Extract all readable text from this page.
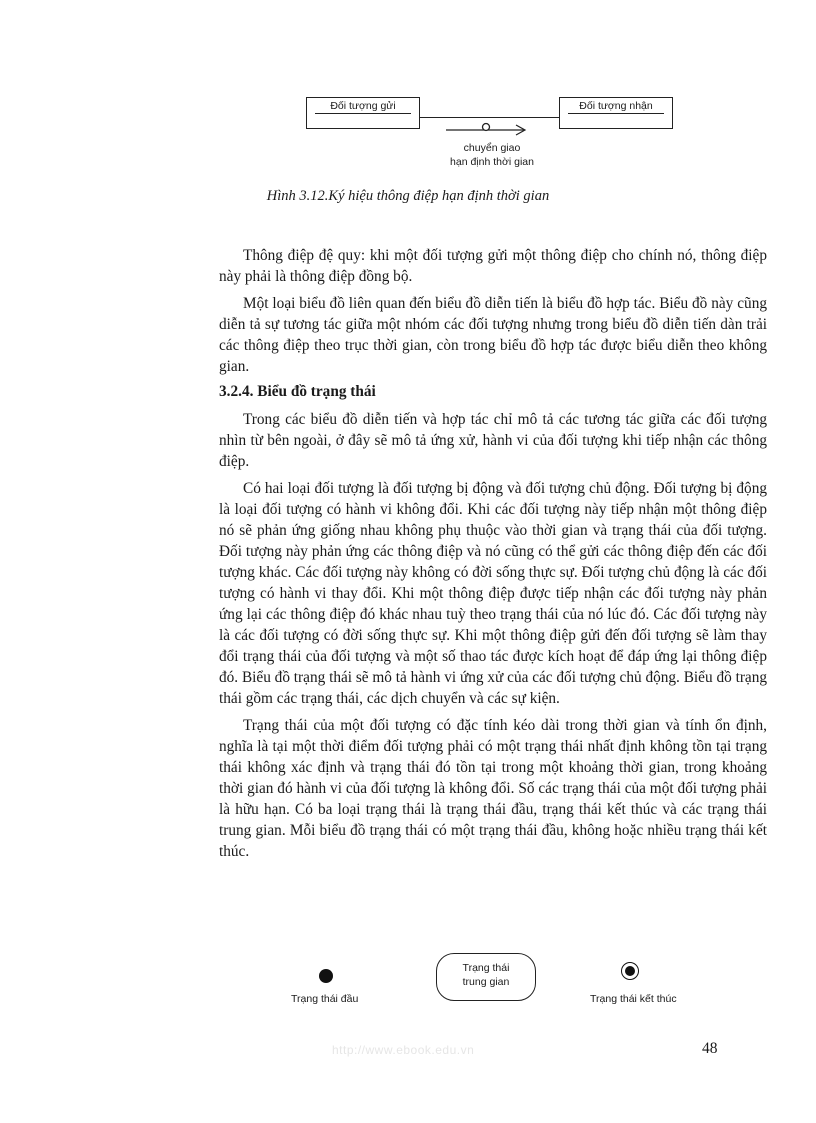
Đối tượng gửi	Đối tượng nhận
chuyển giao
hạn định thời gian
Hình 3.12.Ký hiệu thông điệp hạn định thời gian

Thông điệp đệ quy: khi một đối tượng gửi một thông điệp cho chính nó, thông điệp này phải là thông điệp đồng bộ.

Một loại biểu đồ liên quan đến biểu đồ diễn tiến là biểu đồ hợp tác. Biểu đồ này cũng diễn tả sự tương tác giữa một nhóm các đối tượng nhưng trong biểu đồ diễn tiến dàn trải các thông điệp theo trục thời gian, còn trong biểu đồ hợp tác được biểu diễn theo không gian.

3.2.4. Biểu đồ trạng thái

Trong các biểu đồ diễn tiến và hợp tác chỉ mô tả các tương tác giữa các đối tượng nhìn từ bên ngoài, ở đây sẽ mô tả ứng xử, hành vi của đối tượng khi tiếp nhận các thông điệp.

Có hai loại đối tượng là đối tượng bị động và đối tượng chủ động. Đối tượng bị động là loại đối tượng có hành vi không đổi. Khi các đối tượng này tiếp nhận một thông điệp nó sẽ phản ứng giống nhau không phụ thuộc vào thời gian và trạng thái của đối tượng. Đối tượng này phản ứng các thông điệp và nó cũng có thể gửi các thông điệp đến các đối tượng khác. Các đối tượng này không có đời sống thực sự. Đối tượng chủ động là các đối tượng có hành vi thay đổi. Khi một thông điệp được tiếp nhận các đối tượng này phản ứng lại các thông điệp đó khác nhau tuỳ theo trạng thái của nó lúc đó. Các đối tượng này là các đối tượng có đời sống thực sự. Khi một thông điệp gửi đến đối tượng sẽ làm thay đổi trạng thái của đối tượng và một số thao tác được kích hoạt để đáp ứng lại thông điệp đó. Biểu đồ trạng thái sẽ mô tả hành vi ứng xử của các đối tượng chủ động. Biểu đồ trạng thái gồm các trạng thái, các dịch chuyển và các sự kiện.

Trạng thái của một đối tượng có đặc tính kéo dài trong thời gian và tính ổn định, nghĩa là tại một thời điểm đối tượng phải có một trạng thái nhất định không tồn tại trạng thái không xác định và trạng thái đó tồn tại trong một khoảng thời gian, trong khoảng thời gian đó hành vi của đối tượng là không đổi. Số các trạng thái của một đối tượng phải là hữu hạn. Có ba loại trạng thái là trạng thái đầu, trạng thái kết thúc và các trạng thái trung gian. Mỗi biểu đồ trạng thái có một trạng thái đầu, không hoặc nhiều trạng thái kết thúc.

Trạng thái đầu
Trạng thái
trung gian
Trạng thái kết thúc
http://www.ebook.edu.vn	48
